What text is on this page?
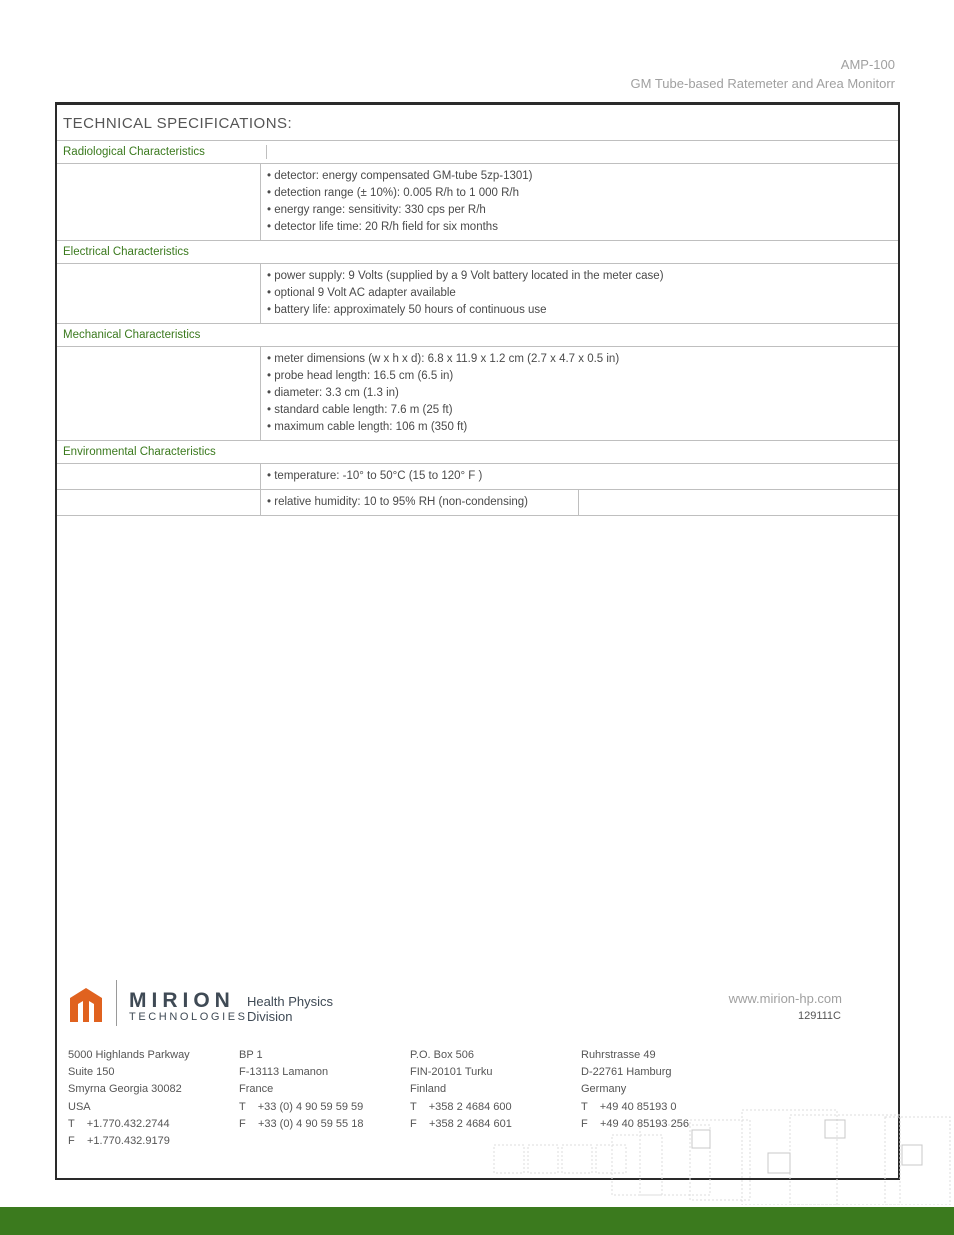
AMP-100
GM Tube-based Ratemeter and Area Monitorr
TECHNICAL SPECIFICATIONS:
Radiological Characteristics
• detector: energy compensated GM-tube 5zp-1301)
• detection range (± 10%): 0.005 R/h to 1 000 R/h
• energy range: sensitivity: 330 cps per R/h
• detector life time: 20 R/h field for six months
Electrical Characteristics
• power supply: 9 Volts (supplied by a 9 Volt battery located in the meter case)
• optional 9 Volt AC adapter available
• battery life: approximately 50 hours of continuous use
Mechanical Characteristics
• meter dimensions (w x h x d): 6.8 x 11.9 x 1.2 cm (2.7 x 4.7 x 0.5 in)
• probe head length: 16.5 cm (6.5 in)
• diameter: 3.3 cm (1.3 in)
• standard cable length: 7.6 m (25 ft)
• maximum cable length: 106 m (350 ft)
Environmental Characteristics
• temperature: -10° to 50°C (15 to 120° F )
• relative humidity: 10 to 95% RH (non-condensing)
MIRION
TECHNOLOGIES
Health Physics
Division
www.mirion-hp.com
129111C
5000 Highlands Parkway
Suite 150
Smyrna Georgia 30082
USA
T    +1.770.432.2744
F    +1.770.432.9179
BP 1
F-13113 Lamanon
France
T    +33 (0) 4 90 59 59 59
F    +33 (0) 4 90 59 55 18
P.O. Box 506
FIN-20101 Turku
Finland
T    +358 2 4684 600
F    +358 2 4684 601
Ruhrstrasse 49
D-22761 Hamburg
Germany
T    +49 40 85193 0
F    +49 40 85193 256
